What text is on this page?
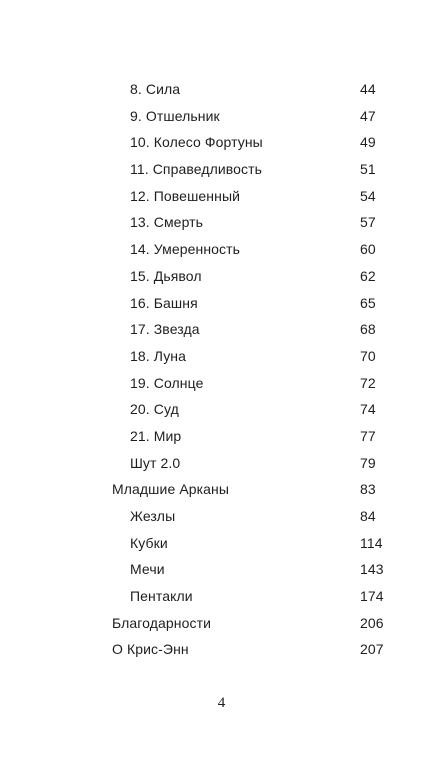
8. Сила	44
9. Отшельник	47
10. Колесо Фортуны	49
11. Справедливость	51
12. Повешенный	54
13. Смерть	57
14. Умеренность	60
15. Дьявол	62
16. Башня	65
17. Звезда	68
18. Луна	70
19. Солнце	72
20. Суд	74
21. Мир	77
Шут 2.0	79
Младшие Арканы	83
Жезлы	84
Кубки	114
Мечи	143
Пентакли	174
Благодарности	206
О Крис-Энн	207
4
